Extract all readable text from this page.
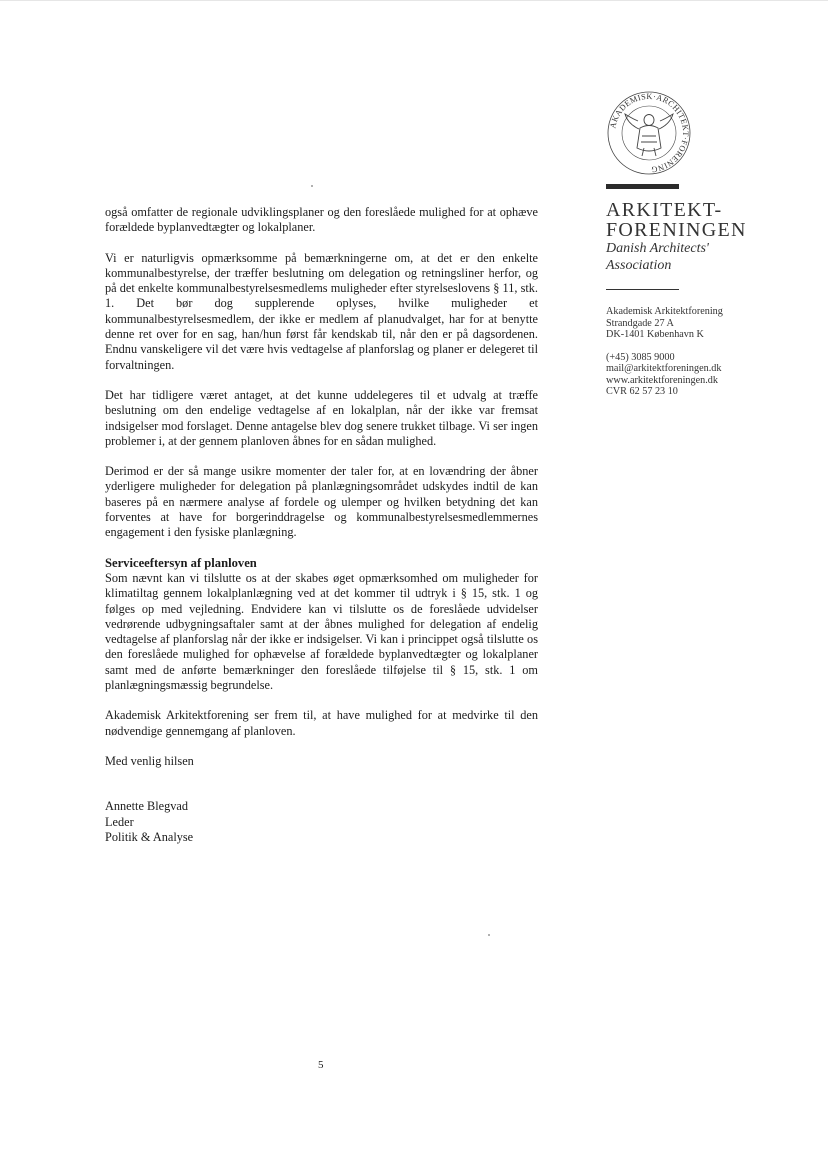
AKADEMISK·ARCHITEKT·FORENING
ARKITEKT-
FORENINGEN
Danish Architects'
Association
Akademisk Arkitektforening
Strandgade 27 A
DK-1401 København K
(+45) 3085 9000
mail@arkitektforeningen.dk
www.arkitektforeningen.dk
CVR 62 57 23 10

også omfatter de regionale udviklingsplaner og den foreslåede mulighed for at ophæve forældede byplanvedtægter og lokalplaner.

Vi er naturligvis opmærksomme på bemærkningerne om, at det er den enkelte kommunalbestyrelse, der træffer beslutning om delegation og retningsliner herfor, og på det enkelte kommunalbestyrelsesmedlems muligheder efter styrelseslovens § 11, stk. 1. Det bør dog supplerende oplyses, hvilke muligheder et kommunalbestyrelsesmedlem, der ikke er medlem af planudvalget, har for at benytte denne ret over for en sag, han/hun først får kendskab til, når den er på dagsordenen. Endnu vanskeligere vil det være hvis vedtagelse af planforslag og planer er delegeret til forvaltningen.

Det har tidligere været antaget, at det kunne uddelegeres til et udvalg at træffe beslutning om den endelige vedtagelse af en lokalplan, når der ikke var fremsat indsigelser mod forslaget. Denne antagelse blev dog senere trukket tilbage. Vi ser ingen problemer i, at der gennem planloven åbnes for en sådan mulighed.

Derimod er der så mange usikre momenter der taler for, at en lovændring der åbner yderligere muligheder for delegation på planlægningsområdet udskydes indtil de kan baseres på en nærmere analyse af fordele og ulemper og hvilken betydning det kan forventes at have for borgerinddragelse og kommunalbestyrelsesmedlemmernes engagement i den fysiske planlægning.

Serviceeftersyn af planloven

Som nævnt kan vi tilslutte os at der skabes øget opmærksomhed om muligheder for klimatiltag gennem lokalplanlægning ved at det kommer til udtryk i § 15, stk. 1 og følges op med vejledning. Endvidere kan vi tilslutte os de foreslåede udvidelser vedrørende udbygningsaftaler samt at der åbnes mulighed for delegation af endelig vedtagelse af planforslag når der ikke er indsigelser. Vi kan i princippet også tilslutte os den foreslåede mulighed for ophævelse af forældede byplanvedtægter og lokalplaner samt med de anførte bemærkninger den foreslåede tilføjelse til § 15, stk. 1 om planlægningsmæssig begrundelse.

Akademisk Arkitektforening ser frem til, at have mulighed for at medvirke til den nødvendige gennemgang af planloven.

Med venlig hilsen

Annette Blegvad
Leder
Politik & Analyse
5
